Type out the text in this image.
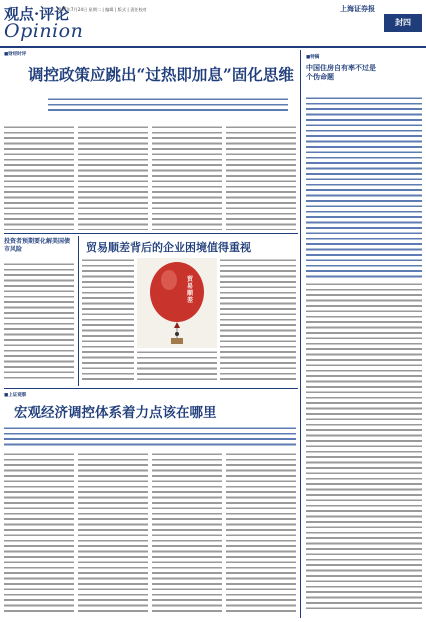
观点·评论
Opinion
2007年7月24日 星期二 | 编辑 | 版式 | 责任校对	上海证券报
封四
■财经时评
调控政策应跳出“过热即加息”固化思维
■特稿
中国住房自有率不过是个伪命题
投资者预期要化解美国债市风险	贸易顺差背后的企业困境值得重视
贸易顺差
■上证观察
宏观经济调控体系着力点该在哪里
